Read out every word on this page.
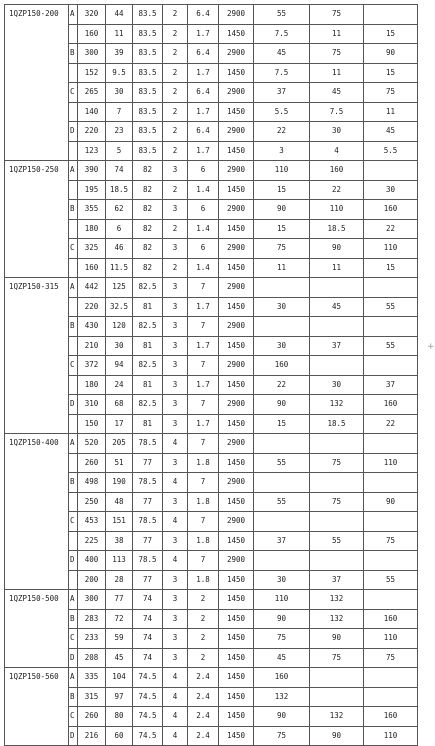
1QZP150-200	A	320	44	83.5	2	6.4	2900	55	75	
		160	11	83.5	2	1.7	1450	7.5	11	15
	B	300	39	83.5	2	6.4	2900	45	75	90
		152	9.5	83.5	2	1.7	1450	7.5	11	15
	C	265	30	83.5	2	6.4	2900	37	45	75
		140	7	83.5	2	1.7	1450	5.5	7.5	11
	D	220	23	83.5	2	6.4	2900	22	30	45
		123	5	83.5	2	1.7	1450	3	4	5.5
1QZP150-250	A	390	74	82	3	6	2900	110	160	
		195	18.5	82	2	1.4	1450	15	22	30
	B	355	62	82	3	6	2900	90	110	160
		180	6	82	2	1.4	1450	15	18.5	22
	C	325	46	82	3	6	2900	75	90	110
		160	11.5	82	2	1.4	1450	11	11	15
1QZP150-315	A	442	125	82.5	3	7	2900			
		220	32.5	81	3	1.7	1450	30	45	55
	B	430	120	82.5	3	7	2900			
		210	30	81	3	1.7	1450	30	37	55
	C	372	94	82.5	3	7	2900	160		
		180	24	81	3	1.7	1450	22	30	37
	D	310	68	82.5	3	7	2900	90	132	160
		150	17	81	3	1.7	1450	15	18.5	22
1QZP150-400	A	520	205	78.5	4	7	2900			
		260	51	77	3	1.8	1450	55	75	110
	B	498	190	78.5	4	7	2900			
		250	48	77	3	1.8	1450	55	75	90
	C	453	151	78.5	4	7	2900			
		225	38	77	3	1.8	1450	37	55	75
	D	400	113	78.5	4	7	2900			
		200	28	77	3	1.8	1450	30	37	55
1QZP150-500	A	300	77	74	3	2	1450	110	132	
	B	283	72	74	3	2	1450	90	132	160
	C	233	59	74	3	2	1450	75	90	110
	D	208	45	74	3	2	1450	45	75	75
1QZP150-560	A	335	104	74.5	4	2.4	1450	160		
	B	315	97	74.5	4	2.4	1450	132		
	C	260	80	74.5	4	2.4	1450	90	132	160
	D	216	60	74.5	4	2.4	1450	75	90	110
+
